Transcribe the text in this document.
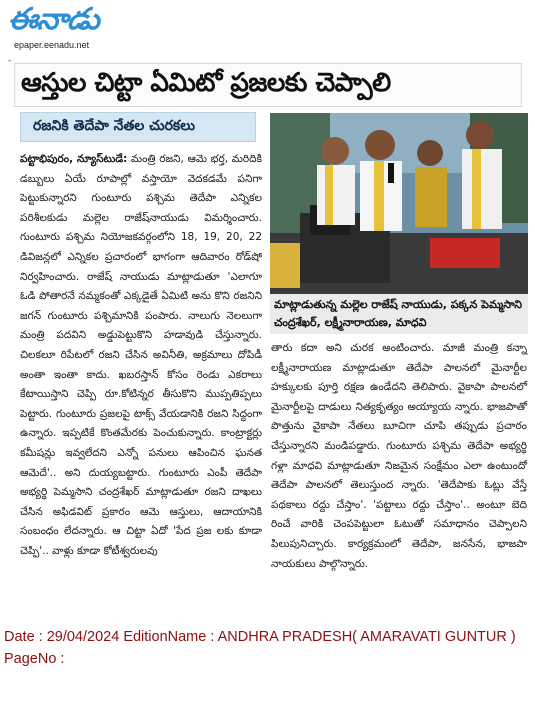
ఈనాడు
epaper.eenadu.net
-
ఆస్తుల చిట్టా ఏమిటో ప్రజలకు చెప్పాలి
రజనికి తెదేపా నేతల చురకలు
మాట్లాడుతున్న మల్లెల రాజేష్ నాయుడు, పక్కన పెమ్మసాని చంద్రశేఖర్, లక్ష్మీనారాయణ, మాధవి

పట్టాభిపురం, న్యూస్‌టుడే: మంత్రి రజని, ఆమె భర్త, మరిదికి డబ్బులు ఏయే రూపాల్లో వస్తాయో వెదకడమే పనిగా పెట్టుకున్నారని గుంటూరు పశ్చిమ తెదేపా ఎన్నికల పరిశీలకుడు మల్లెల రాజేష్‌నాయుడు విమర్శించారు. గుంటూరు పశ్చిమ నియోజకవర్గంలోని 18, 19, 20, 22 డివిజన్లలో ఎన్నికల ప్రచారంలో భాగంగా ఆదివారం రోడ్‌షో నిర్వహించారు. రాజేష్ నాయుడు మాట్లాడుతూ 'ఎలాగూ ఓడి పోతారనే నమ్మకంతో ఎక్కడైతే ఏమిటి అను కొని రజనిని జగన్ గుంటూరు పశ్చిమానికి పంపారు. నాలుగు నెలలుగా మంత్రి పదవిని అడ్డుపెట్టుకొని హడావుడి చేస్తున్నారు. చిలకలూ రిపేటలో రజని చేసిన అవినీతి, అక్రమాలు దోపిడీ అంతా ఇంతా కాదు. ఖబరస్తాన్ కోసం రెండు ఎకరాలు కేటాయిస్తాని చెప్పి రూ.కోటిన్నర తీసుకొని ముప్పతిప్పలు పెట్టారు. గుంటూరు ప్రజలపై టాక్స్ వేయడానికి రజని సిద్ధంగా ఉన్నారు. ఇప్పటికే కొంతమేరకు పెంచుకున్నారు. కాంట్రాక్టర్లు కమీషన్లు ఇవ్వలేదని ఎన్నో పనులు ఆపించిన ఘనత ఆమెదే'.. అని దుయ్యబట్టారు. గుంటూరు ఎంపీ తెదేపా అభ్యర్థి పెమ్మసాని చంద్రశేఖర్ మాట్లాడుతూ రజని దాఖలు చేసిన అఫిడవిట్ ప్రకారం ఆమె ఆస్తులు, ఆదాయానికి సంబంధం లేదన్నారు. ఆ చిట్టా ఏదో 'పేద ప్రజ లకు కూడా చెప్పి'.. వాళ్లు కూడా కోటీశ్వరులవు

తారు కదా అని చురక అంటించారు. మాజీ మంత్రి కన్నా లక్ష్మీనారాయణ మాట్లాడుతూ తెదేపా పాలనలో మైనార్టీల హక్కులకు పూర్తి రక్షణ ఉండేదని తెలిపారు. వైకాపా పాలనలో మైనార్టీలపై దాడులు నిత్యకృత్యం అయ్యాయ న్నారు. భాజపాతో పొత్తును వైకాపా నేతలు బూచిగా చూపి తప్పుడు ప్రచారం చేస్తున్నారని మండిపడ్డారు. గుంటూరు పశ్చిమ తెదేపా అభ్యర్థి గళ్లా మాధవి మాట్లాడుతూ నిజమైన సంక్షేమం ఎలా ఉంటుందో తెదేపా పాలనలో తెలుస్తుంద న్నారు. 'తెదేపాకు ఓట్లు వేస్తే పథకాలు రద్దు చేస్తాం'. 'పట్టాలు రద్దు చేస్తాం'.. అంటూ బెది రించే వారికి చెంపపెట్టులా ఓటుతో సమాధానం చెప్పాలని పిలుపునిచ్చారు. కార్యక్రమంలో తెదేపా, జనసేన, భాజపా నాయకులు పాల్గొన్నారు.

Date : 29/04/2024 EditionName : ANDHRA PRADESH( AMARAVATI GUNTUR ) PageNo :
